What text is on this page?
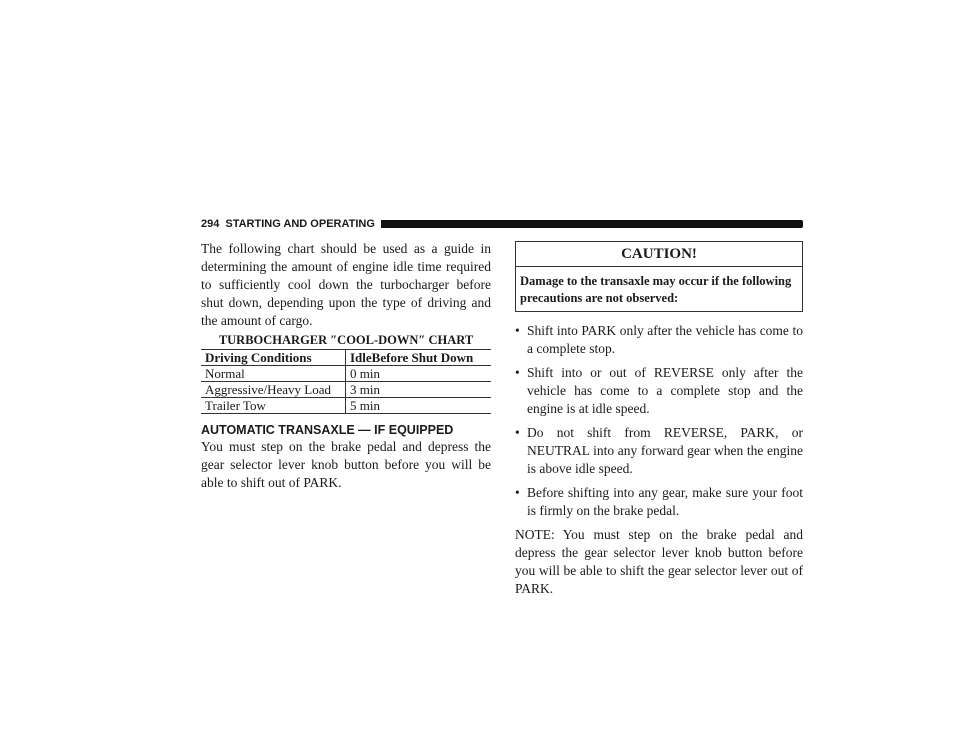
294 STARTING AND OPERATING

The following chart should be used as a guide in determining the amount of engine idle time required to sufficiently cool down the turbocharger before shut down, depending upon the type of driving and the amount of cargo.

TURBOCHARGER ″COOL-DOWN″ CHART
Driving Conditions	IdleBefore Shut Down
Normal	0 min
Aggressive/Heavy Load	3 min
Trailer Tow	5 min
AUTOMATIC TRANSAXLE — IF EQUIPPED

You must step on the brake pedal and depress the gear selector lever knob button before you will be able to shift out of PARK.

CAUTION!
Damage to the transaxle may occur if the following precautions are not observed:
• Shift into PARK only after the vehicle has come to a complete stop.
• Shift into or out of REVERSE only after the vehicle has come to a complete stop and the engine is at idle speed.
• Do not shift from REVERSE, PARK, or NEUTRAL into any forward gear when the engine is above idle speed.
• Before shifting into any gear, make sure your foot is firmly on the brake pedal.
NOTE: You must step on the brake pedal and depress the gear selector lever knob button before you will be able to shift the gear selector lever out of PARK.
